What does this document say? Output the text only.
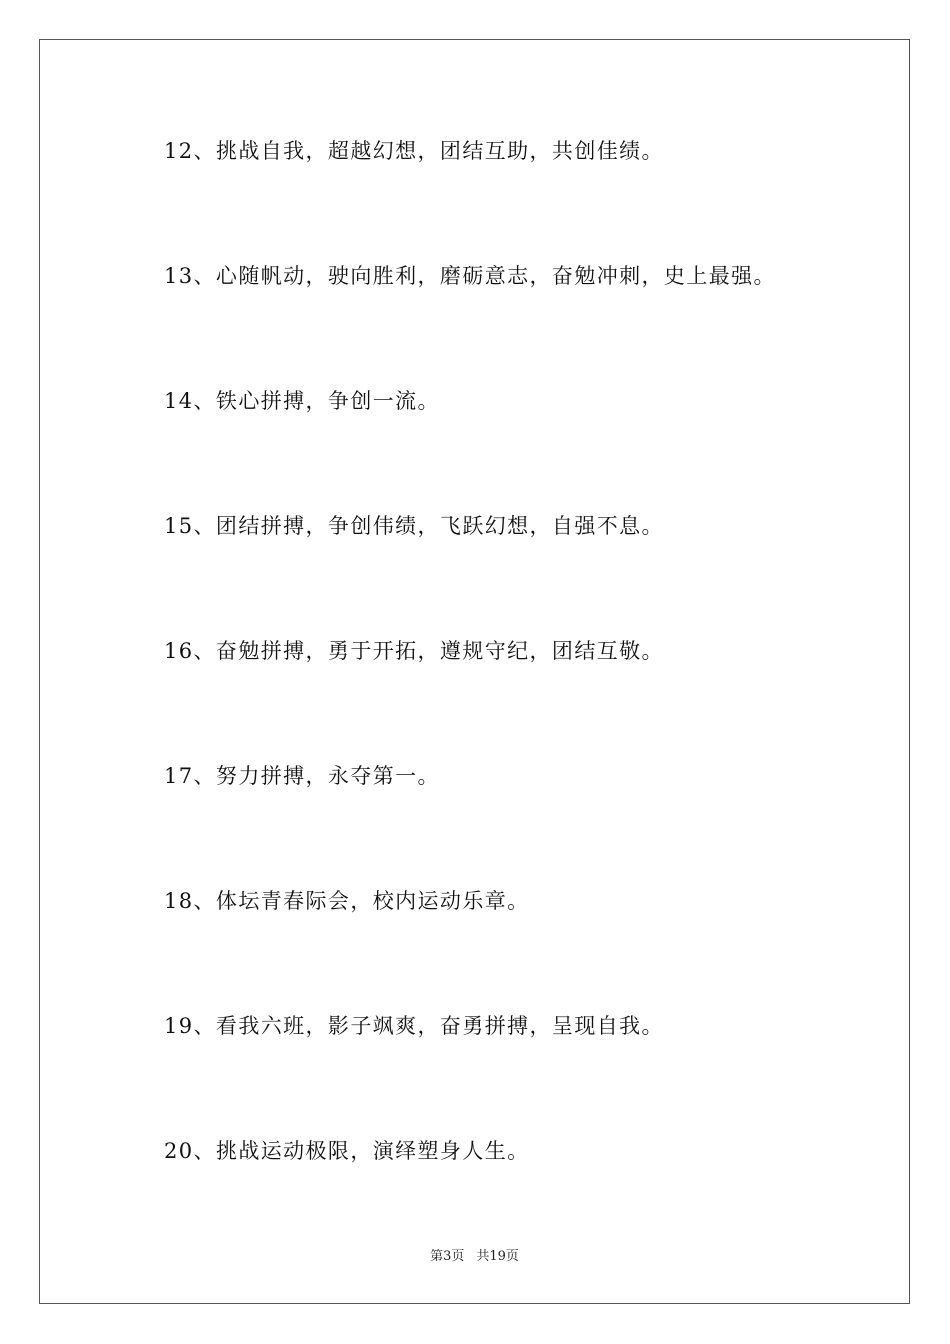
12、挑战自我，超越幻想，团结互助，共创佳绩。

13、心随帆动，驶向胜利，磨砺意志，奋勉冲刺，史上最强。

14、铁心拼搏，争创一流。

15、团结拼搏，争创伟绩，飞跃幻想，自强不息。

16、奋勉拼搏，勇于开拓，遵规守纪，团结互敬。

17、努力拼搏，永夺第一。

18、体坛青春际会，校内运动乐章。

19、看我六班，影子飒爽，奋勇拼搏，呈现自我。

20、挑战运动极限，演绎塑身人生。

第3页 共19页
